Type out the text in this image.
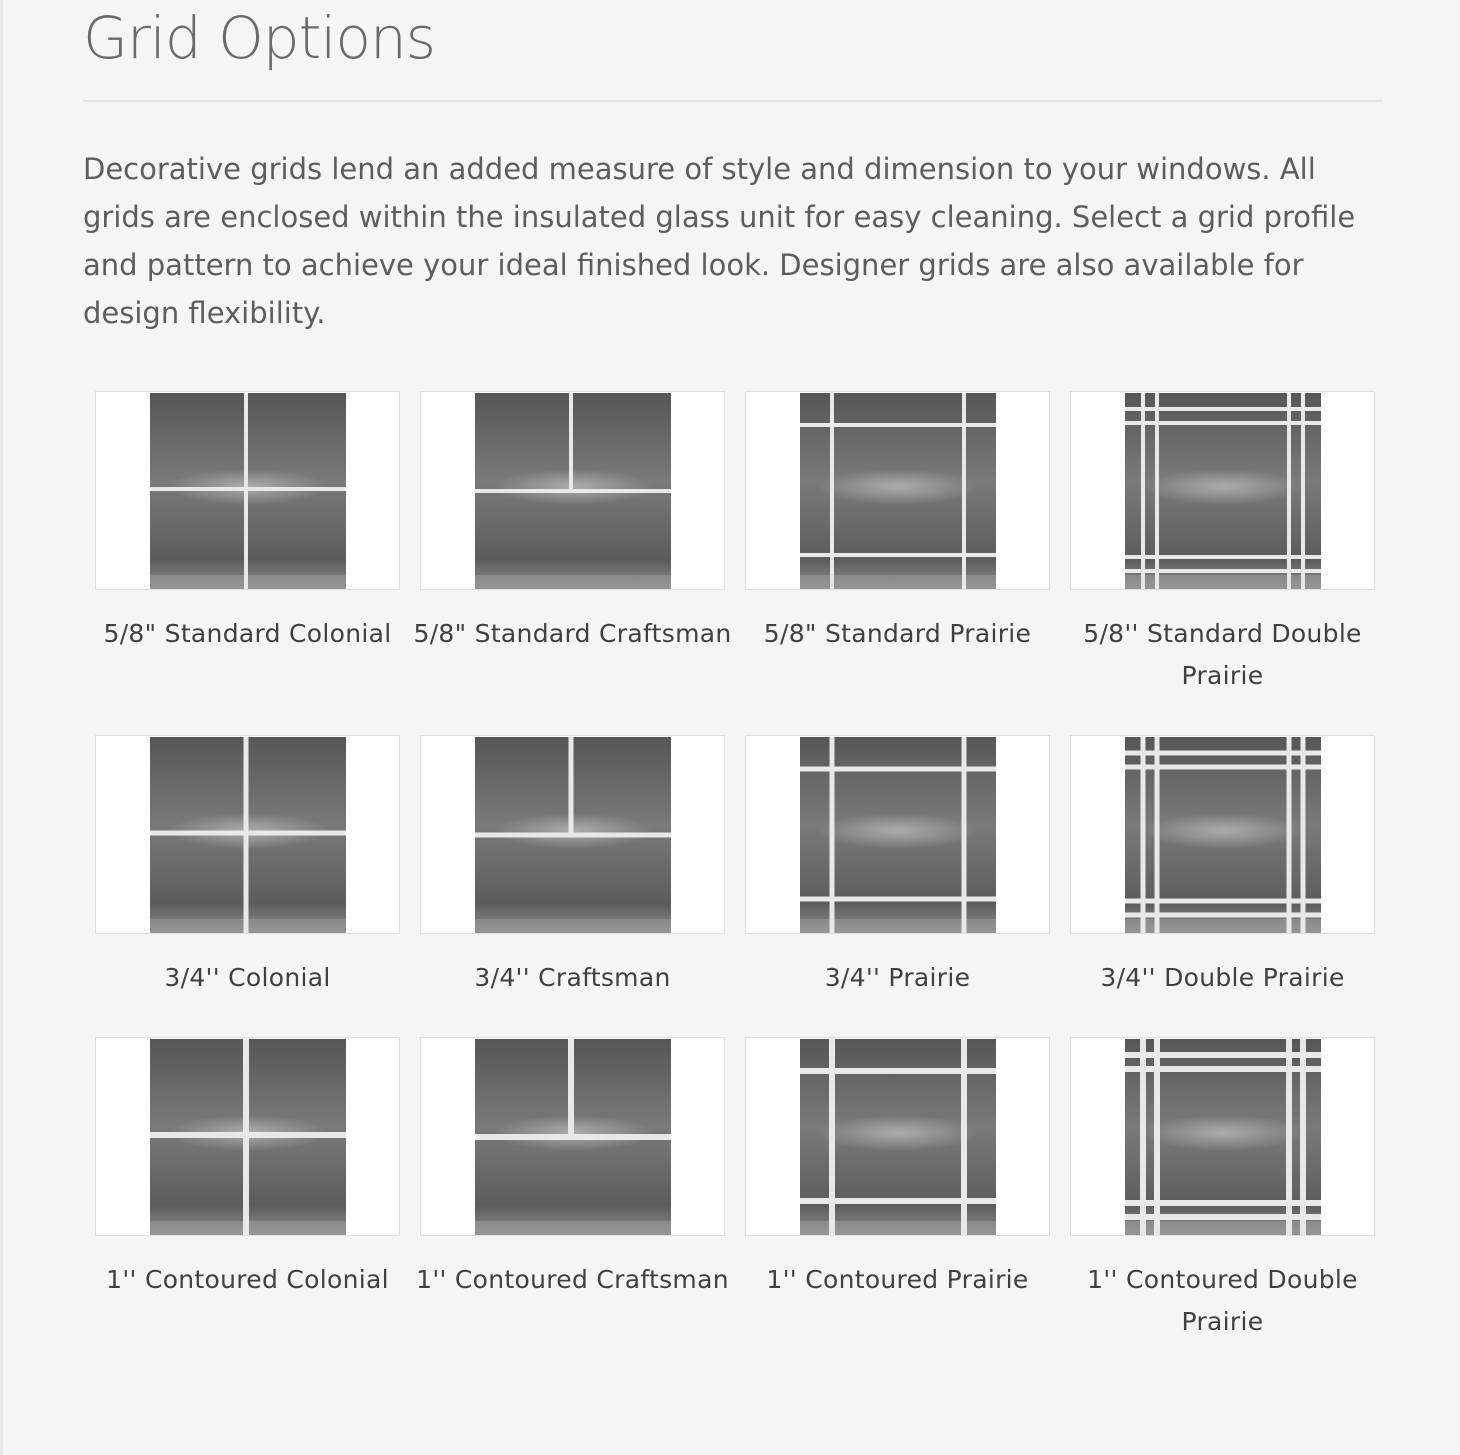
Grid Options

Decorative grids lend an added measure of style and dimension to your windows. All grids are enclosed within the insulated glass unit for easy cleaning. Select a grid profile and pattern to achieve your ideal finished look. Designer grids are also available for design flexibility.

5/8" Standard Colonial 5/8" Standard Craftsman	5/8" Standard Prairie	5/8'' Standard Double Prairie
3/4'' Colonial	3/4'' Craftsman	3/4'' Prairie	3/4'' Double Prairie
1'' Contoured Colonial	1'' Contoured Craftsman	1'' Contoured Prairie	1'' Contoured Double Prairie
